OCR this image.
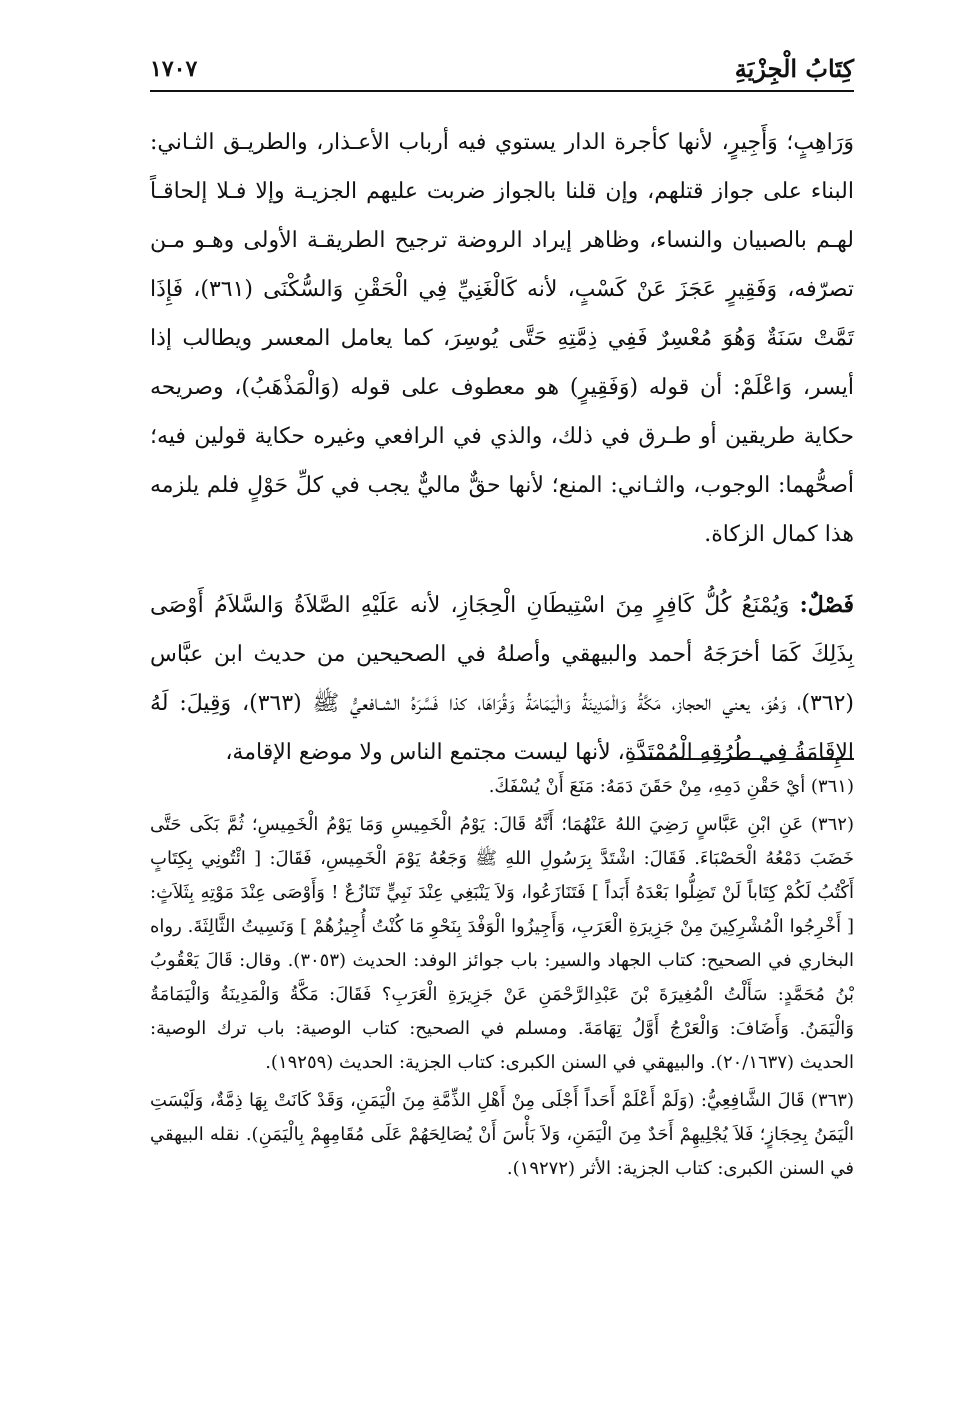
كِتَابُ الْجِزْيَةِ
١٧٠٧

وَرَاهِبٍ؛ وَأَجِيرٍ، لأنها كأجرة الدار يستوي فيه أرباب الأعـذار، والطريـق الثـاني: البناء على جواز قتلهم، وإن قلنا بالجواز ضربت عليهم الجزيـة وإلا فـلا إلحاقـاً لهـم بالصبيان والنساء، وظاهر إيراد الروضة ترجيح الطريقـة الأولى وهـو مـن تصرّفه، وَفَقِيرٍ عَجَزَ عَنْ كَسْبٍ، لأنه كَالْغَنِيِّ فِي الْحَقْنِ وَالسُّكْنَى (٣٦١)، فَإِذَا تَمَّتْ سَنَةٌ وَهُوَ مُعْسِرٌ فَفِي ذِمَّتِهِ حَتَّى يُوسِرَ، كما يعامل المعسر ويطالب إذا أيسر، وَاعْلَمْ: أن قوله (وَفَقِيرٍ) هو معطوف على قوله (وَالْمَذْهَبُ)، وصريحه حكاية طريقين أو طـرق في ذلك، والذي في الرافعي وغيره حكاية قولين فيه؛ أصحُّهما: الوجوب، والثـاني: المنع؛ لأنها حقٌّ ماليٌّ يجب في كلِّ حَوْلٍ فلم يلزمه هذا كمال الزكاة.

فَصْلٌ: وَيُمْنَعُ كُلُّ كَافِرٍ مِنَ اسْتِيطَانِ الْحِجَازِ، لأنه عَلَيْهِ الصَّلاَةُ وَالسَّلاَمُ أَوْصَى بِذَلِكَ كَمَا أخرَجَهُ أحمد والبيهقي وأصلهُ في الصحيحين من حديث ابن عبَّاس (٣٦٢)، وَهُوَ، يعني الحجاز، مَكَّةُ وَالْمَدِينَةُ وَالْيَمَامَةُ وَقُرَاهَا، كذا فَسَّرَهُ الشـافعيُّ ﷺ (٣٦٣)، وَقِيلَ: لَهُ الإِقَامَةُ فِي طُرُقِهِ الْمُمْتَدَّةِ، لأنها ليست مجتمع الناس ولا موضع الإقامة،

(٣٦١) أيْ حَقْنِ دَمِهِ، مِنْ حَقَنَ دَمَهُ: مَنَعَ أَنْ يُسْفَكَ.

(٣٦٢) عَنِ ابْنِ عَبَّاسٍ رَضِيَ اللهُ عَنْهُمَا؛ أَنَّهُ قَالَ: يَوْمُ الْخَمِيسِ وَمَا يَوْمُ الْخَمِيسِ؛ ثُمَّ بَكَى حَتَّى خَضَبَ دَمْعُهُ الْحَصْبَاءَ. فَقَالَ: اشْتَدَّ بِرَسُولِ اللهِ ﷺ وَجَعُهُ يَوْمَ الْخَمِيسِ، فَقَالَ: [ ائْتُونِي بِكِتَابٍ أَكْتُبُ لَكُمْ كِتَاباً لَنْ تَضِلُّوا بَعْدَهُ أَبَداً ] فَتَنَازَعُوا، وَلاَ يَنْبَغِي عِنْدَ نَبِيٍّ تَنَازُعٌ ! وَأَوْصَى عِنْدَ مَوْتِهِ بِثَلاَثٍ: [ أَخْرِجُوا الْمُشْرِكِينَ مِنْ جَزِيرَةِ الْعَرَبِ، وَأَجِيزُوا الْوَفْدَ بِنَحْوِ مَا كُنْتُ أُجِيزُهُمْ ] وَنَسِيتُ الثَّالِثَةَ. رواه البخاري في الصحيح: كتاب الجهاد والسير: باب جوائز الوفد: الحديث (٣٠٥٣). وقال: قَالَ يَعْقُوبُ بْنُ مُحَمَّدٍ: سَأَلْتُ الْمُغِيرَةَ بْنَ عَبْدِالرَّحْمَنِ عَنْ جَزِيرَةِ الْعَرَبِ؟ فَقَالَ: مَكَّةُ وَالْمَدِينَةُ وَالْيَمَامَةُ وَالْيَمَنُ. وَأَضَافَ: وَالْعَرْجُ أَوَّلُ تِهَامَةَ. ومسلم في الصحيح: كتاب الوصية: باب ترك الوصية: الحديث (٢٠/١٦٣٧). والبيهقي في السنن الكبرى: كتاب الجزية: الحديث (١٩٢٥٩).

(٣٦٣) قَالَ الشَّافِعِيُّ: (وَلَمْ أَعْلَمْ أَحَداً أَجْلَى مِنْ أَهْلِ الذِّمَّةِ مِنَ الْيَمَنِ، وَقَدْ كَانَتْ بِهَا ذِمَّةٌ، وَلَيْسَتِ الْيَمَنُ بِحِجَازٍ؛ فَلاَ يُجْلِيهِمْ أَحَدٌ مِنَ الْيَمَنِ، وَلاَ بَأْسَ أَنْ يُصَالِحَهُمْ عَلَى مُقَامِهِمْ بِالْيَمَنِ). نقله البيهقي في السنن الكبرى: كتاب الجزية: الأثر (١٩٢٧٢).
